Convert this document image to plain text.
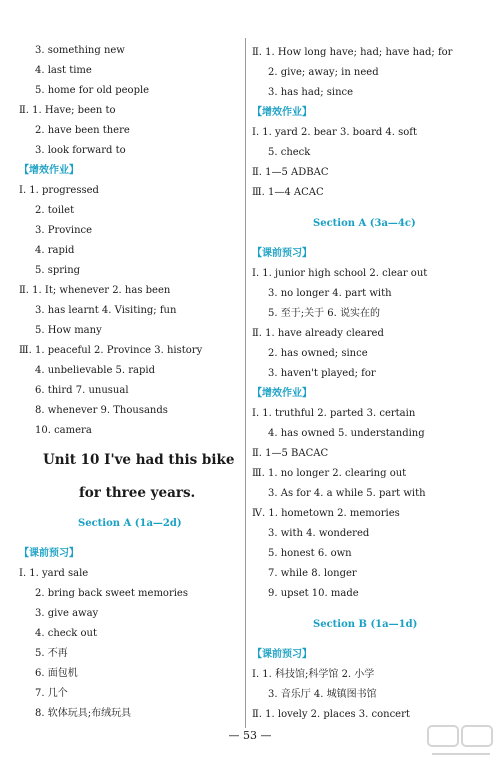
3. something new
4. last time
5. home for old people
Ⅱ. 1. Have; been to
2. have been there
3. look forward to
【增效作业】
Ⅰ. 1. progressed
2. toilet
3. Province
4. rapid
5. spring
Ⅱ. 1. It; whenever 2. has been
3. has learnt 4. Visiting; fun
5. How many
Ⅲ. 1. peaceful 2. Province 3. history
4. unbelievable 5. rapid
6. third 7. unusual
8. whenever 9. Thousands
10. camera
Unit 10 I've had this bike
for three years.
Section A (1a—2d)
【课前预习】
Ⅰ. 1. yard sale
2. bring back sweet memories
3. give away
4. check out
5. 不再
6. 面包机
7. 几个
8. 软体玩具;布绒玩具
Ⅱ. 1. How long have; had; have had; for
2. give; away; in need
3. has had; since
【增效作业】
Ⅰ. 1. yard 2. bear 3. board 4. soft
5. check
Ⅱ. 1—5 ADBAC
Ⅲ. 1—4 ACAC
Section A (3a—4c)
【课前预习】
Ⅰ. 1. junior high school 2. clear out
3. no longer 4. part with
5. 至于;关于 6. 说实在的
Ⅱ. 1. have already cleared
2. has owned; since
3. haven't played; for
【增效作业】
Ⅰ. 1. truthful 2. parted 3. certain
4. has owned 5. understanding
Ⅱ. 1—5 BACAC
Ⅲ. 1. no longer 2. clearing out
3. As for 4. a while 5. part with
Ⅳ. 1. hometown 2. memories
3. with 4. wondered
5. honest 6. own
7. while 8. longer
9. upset 10. made
Section B (1a—1d)
【课前预习】
Ⅰ. 1. 科技馆;科学馆 2. 小学
3. 音乐厅 4. 城镇图书馆
Ⅱ. 1. lovely 2. places 3. concert
— 53 —
